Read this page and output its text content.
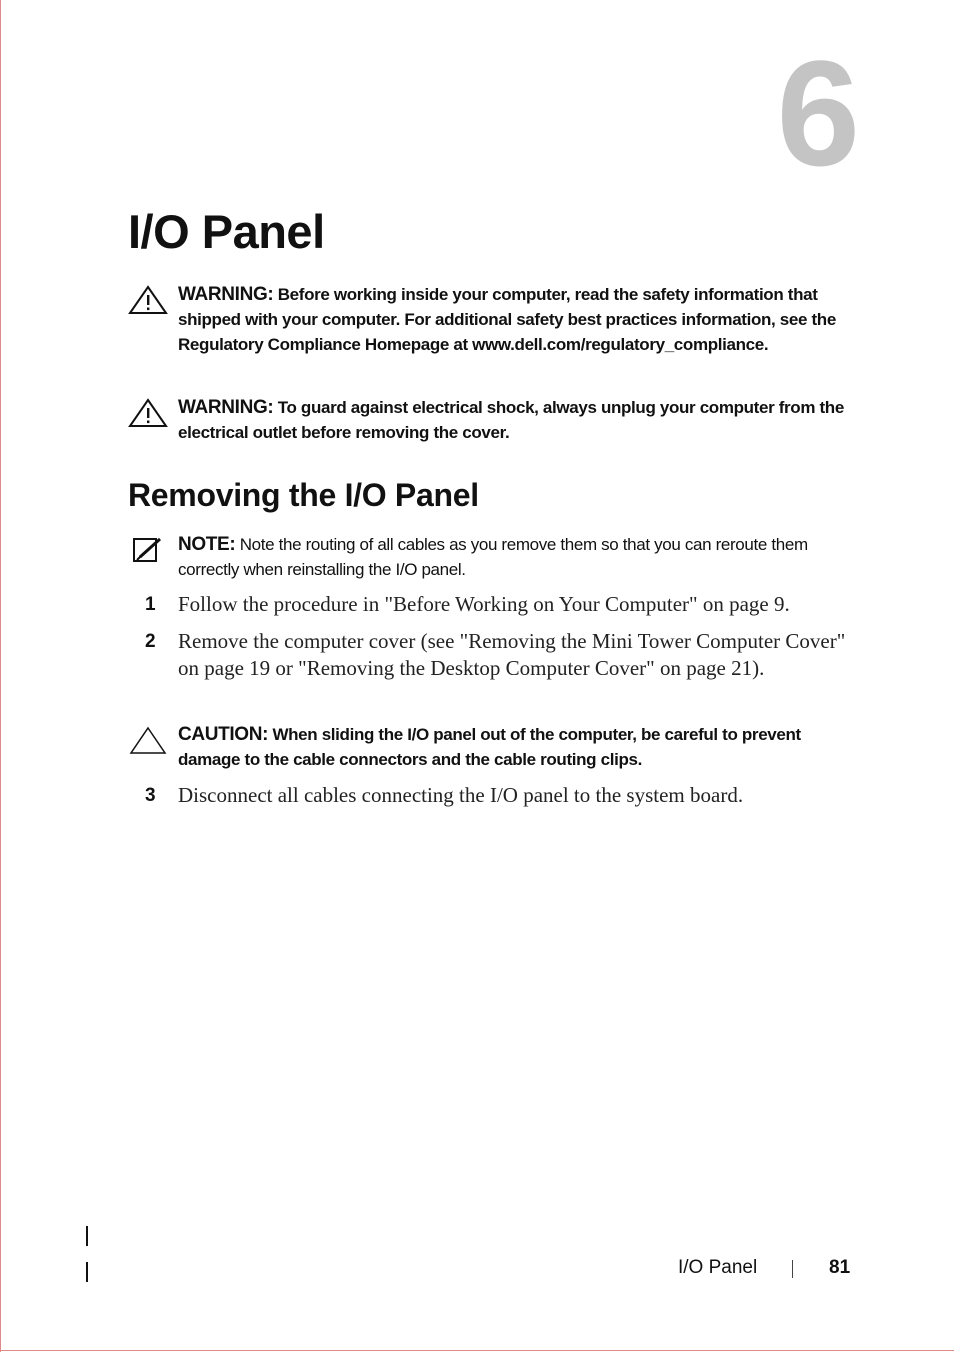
6
I/O Panel
WARNING: Before working inside your computer, read the safety information that shipped with your computer. For additional safety best practices information, see the Regulatory Compliance Homepage at www.dell.com/regulatory_compliance.
WARNING: To guard against electrical shock, always unplug your computer from the electrical outlet before removing the cover.
Removing the I/O Panel
NOTE: Note the routing of all cables as you remove them so that you can reroute them correctly when reinstalling the I/O panel.
1 Follow the procedure in "Before Working on Your Computer" on page 9.
2 Remove the computer cover (see "Removing the Mini Tower Computer Cover" on page 19 or "Removing the Desktop Computer Cover" on page 21).
CAUTION: When sliding the I/O panel out of the computer, be careful to prevent damage to the cable connectors and the cable routing clips.
3 Disconnect all cables connecting the I/O panel to the system board.
I/O Panel	81
